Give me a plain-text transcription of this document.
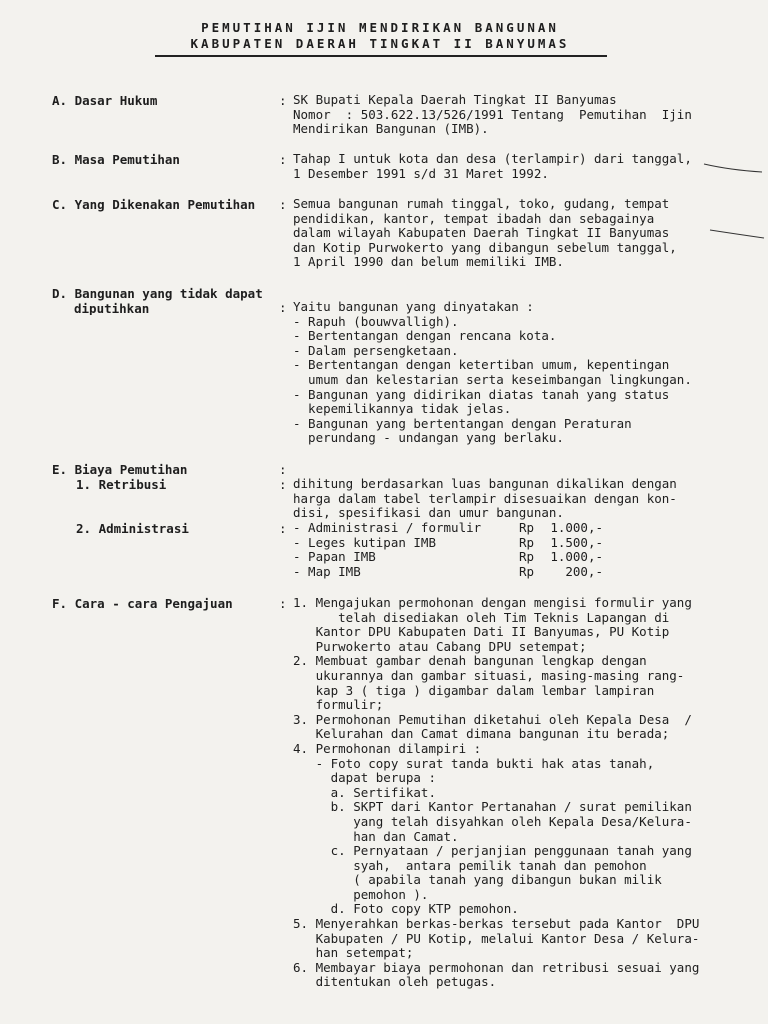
PEMUTIHAN IJIN MENDIRIKAN BANGUNAN
KABUPATEN DAERAH TINGKAT II BANYUMAS
A. Dasar Hukum	: SK Bupati Kepala Daerah Tingkat II Banyumas
Nomor  : 503.622.13/526/1991 Tentang  Pemutihan  Ijin
Mendirikan Bangunan (IMB).
B. Masa Pemutihan	: Tahap I untuk kota dan desa (terlampir) dari tanggal,
1 Desember 1991 s/d 31 Maret 1992.
C. Yang Dikenakan Pemutihan : Semua bangunan rumah tinggal, toko, gudang, tempat
pendidikan, kantor, tempat ibadah dan sebagainya
dalam wilayah Kabupaten Daerah Tingkat II Banyumas
dan Kotip Purwokerto yang dibangun sebelum tanggal,
1 April 1990 dan belum memiliki IMB.
D. Bangunan yang tidak dapat
diputihkan	: Yaitu bangunan yang dinyatakan :
- Rapuh (bouwvalligh).
- Bertentangan dengan rencana kota.
- Dalam persengketaan.
- Bertentangan dengan ketertiban umum, kepentingan
umum dan kelestarian serta keseimbangan lingkungan.
- Bangunan yang didirikan diatas tanah yang status
kepemilikannya tidak jelas.
- Bangunan yang bertentangan dengan Peraturan
perundang - undangan yang berlaku.
E. Biaya Pemutihan	:
1. Retribusi	: dihitung berdasarkan luas bangunan dikalikan dengan
harga dalam tabel terlampir disesuaikan dengan kon-
disi, spesifikasi dan umur bangunan.
2. Administrasi	: - Administrasi / formulir	Rp	1.000,-
- Leges kutipan IMB	Rp	1.500,-
- Papan IMB	Rp	1.000,-
- Map IMB	Rp	200,-
F. Cara - cara Pengajuan	: 1. Mengajukan permohonan dengan mengisi formulir yang
telah disediakan oleh Tim Teknis Lapangan di
Kantor DPU Kabupaten Dati II Banyumas, PU Kotip
Purwokerto atau Cabang DPU setempat;
2. Membuat gambar denah bangunan lengkap dengan
ukurannya dan gambar situasi, masing-masing rang-
kap 3 ( tiga ) digambar dalam lembar lampiran
formulir;
3. Permohonan Pemutihan diketahui oleh Kepala Desa  /
Kelurahan dan Camat dimana bangunan itu berada;
4. Permohonan dilampiri :
- Foto copy surat tanda bukti hak atas tanah,
dapat berupa :
a. Sertifikat.
b. SKPT dari Kantor Pertanahan / surat pemilikan
yang telah disyahkan oleh Kepala Desa/Kelura-
han dan Camat.
c. Pernyataan / perjanjian penggunaan tanah yang
syah,  antara pemilik tanah dan pemohon
( apabila tanah yang dibangun bukan milik
pemohon ).
d. Foto copy KTP pemohon.
5. Menyerahkan berkas-berkas tersebut pada Kantor  DPU
Kabupaten / PU Kotip, melalui Kantor Desa / Kelura-
han setempat;
6. Membayar biaya permohonan dan retribusi sesuai yang
ditentukan oleh petugas.
